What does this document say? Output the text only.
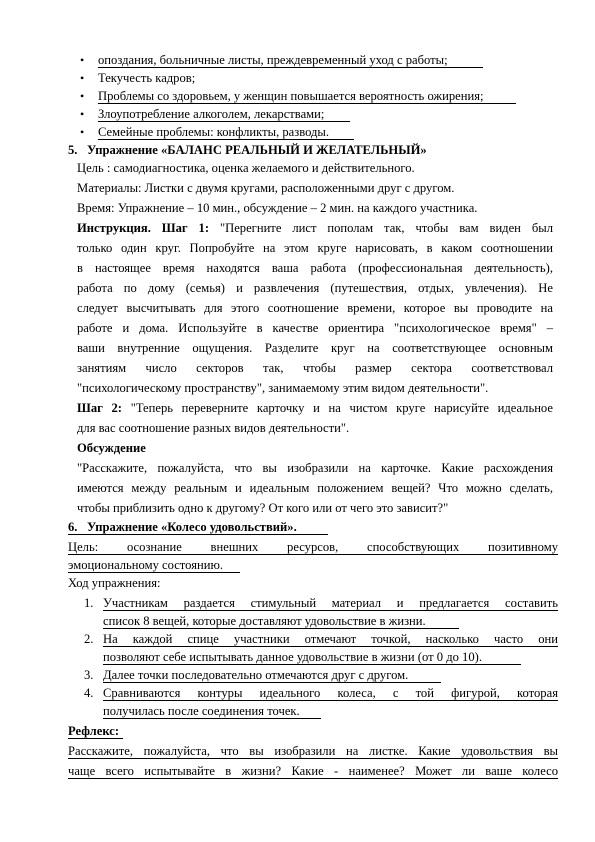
• опоздания, больничные листы, преждевременный уход с работы;
• Текучесть кадров;
• Проблемы со здоровьем, у женщин повышается вероятность ожирения;
• Злоупотребление алкоголем, лекарствами;
• Семейные проблемы: конфликты, разводы.
5. Упражнение «БАЛАНС РЕАЛЬНЫЙ И ЖЕЛАТЕЛЬНЫЙ»
Цель : самодиагностика, оценка желаемого и действительного.
Материалы: Листки с двумя кругами, расположенными друг с другом.
Время: Упражнение – 10 мин., обсуждение – 2 мин. на каждого участника.
Инструкция. Шаг 1: "Перегните лист пополам так, чтобы вам виден был
только один круг. Попробуйте на этом круге нарисовать, в каком соотношении
в настоящее время находятся ваша работа (профессиональная деятельность),
работа по дому (семья) и развлечения (путешествия, отдых, увлечения). Не
следует высчитывать для этого соотношение времени, которое вы проводите на
работе и дома. Используйте в качестве ориентира "психологическое время" –
ваши внутренние ощущения. Разделите круг на соответствующее основным
занятиям число секторов так, чтобы размер сектора соответствовал
"психологическому пространству", занимаемому этим видом деятельности".
Шаг 2: "Теперь переверните карточку и на чистом круге нарисуйте идеальное
для вас соотношение разных видов деятельности".
Обсуждение
"Расскажите, пожалуйста, что вы изобразили на карточке. Какие расхождения
имеются между реальным и идеальным положением вещей? Что можно сделать,
чтобы приблизить одно к другому? От кого или от чего это зависит?"
6. Упражнение «Колесо удовольствий».
Цель: осознание внешних ресурсов, способствующих позитивному
эмоциональному состоянию.
Ход упражнения:
1. Участникам раздается стимульный материал и предлагается составить
список 8 вещей, которые доставляют удовольствие в жизни.
2. На каждой спице участники отмечают точкой, насколько часто они
позволяют себе испытывать данное удовольствие в жизни (от 0 до 10).
3. Далее точки последовательно отмечаются друг с другом.
4. Сравниваются контуры идеального колеса, с той фигурой, которая
получилась после соединения точек.
Рефлекс:
Расскажите, пожалуйста, что вы изобразили на листке. Какие удовольствия вы
чаще всего испытывайте в жизни? Какие - наименее? Может ли ваше колесо
